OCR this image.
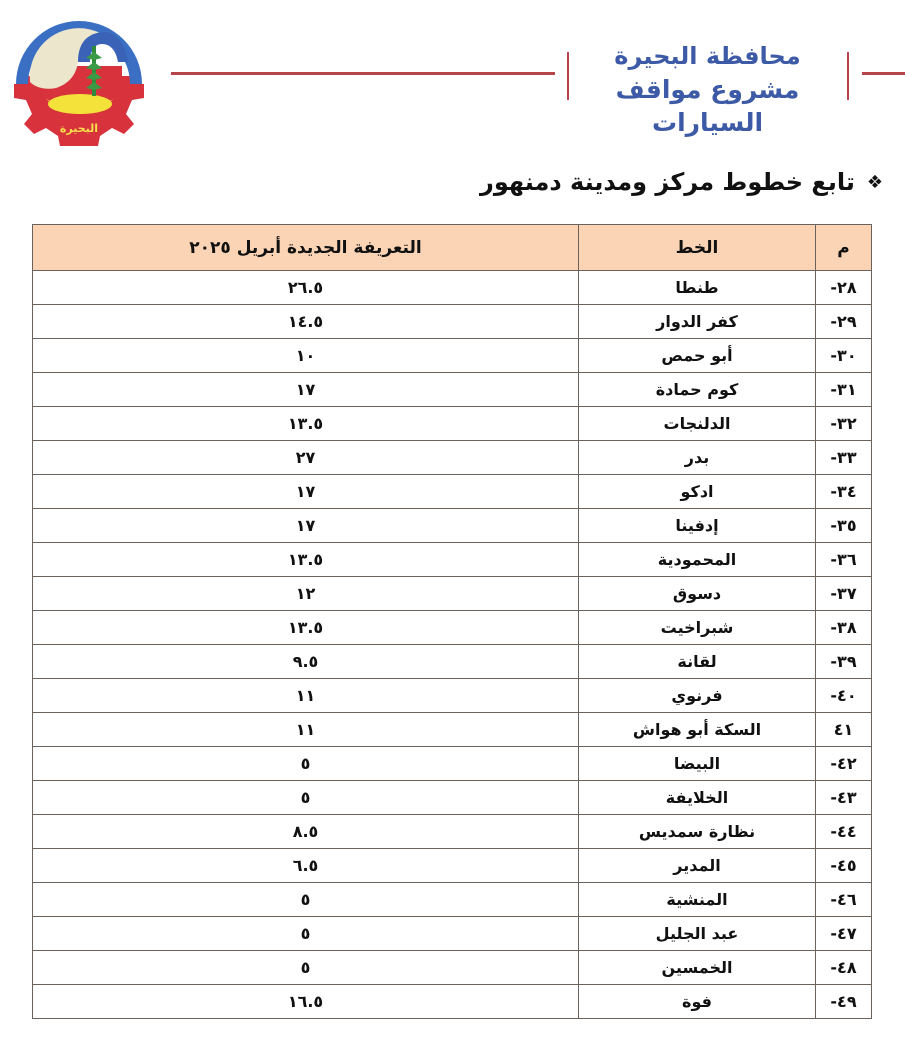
البحيرة
محافظة البحيرة
مشروع مواقف السيارات
❖
تابع خطوط مركز ومدينة دمنهور
م	الخط	التعريفة الجديدة أبريل ٢٠٢٥
٢٨-	طنطا	٢٦.٥
٢٩-	كفر الدوار	١٤.٥
٣٠-	أبو حمص	١٠
٣١-	كوم حمادة	١٧
٣٢-	الدلنجات	١٣.٥
٣٣-	بدر	٢٧
٣٤-	ادكو	١٧
٣٥-	إدفينا	١٧
٣٦-	المحمودية	١٣.٥
٣٧-	دسوق	١٢
٣٨-	شبراخيت	١٣.٥
٣٩-	لقانة	٩.٥
٤٠-	فرنوي	١١
٤١	السكة أبو هواش	١١
٤٢-	البيضا	٥
٤٣-	الخلايفة	٥
٤٤-	نظارة سمديس	٨.٥
٤٥-	المدير	٦.٥
٤٦-	المنشية	٥
٤٧-	عبد الجليل	٥
٤٨-	الخمسين	٥
٤٩-	فوة	١٦.٥
